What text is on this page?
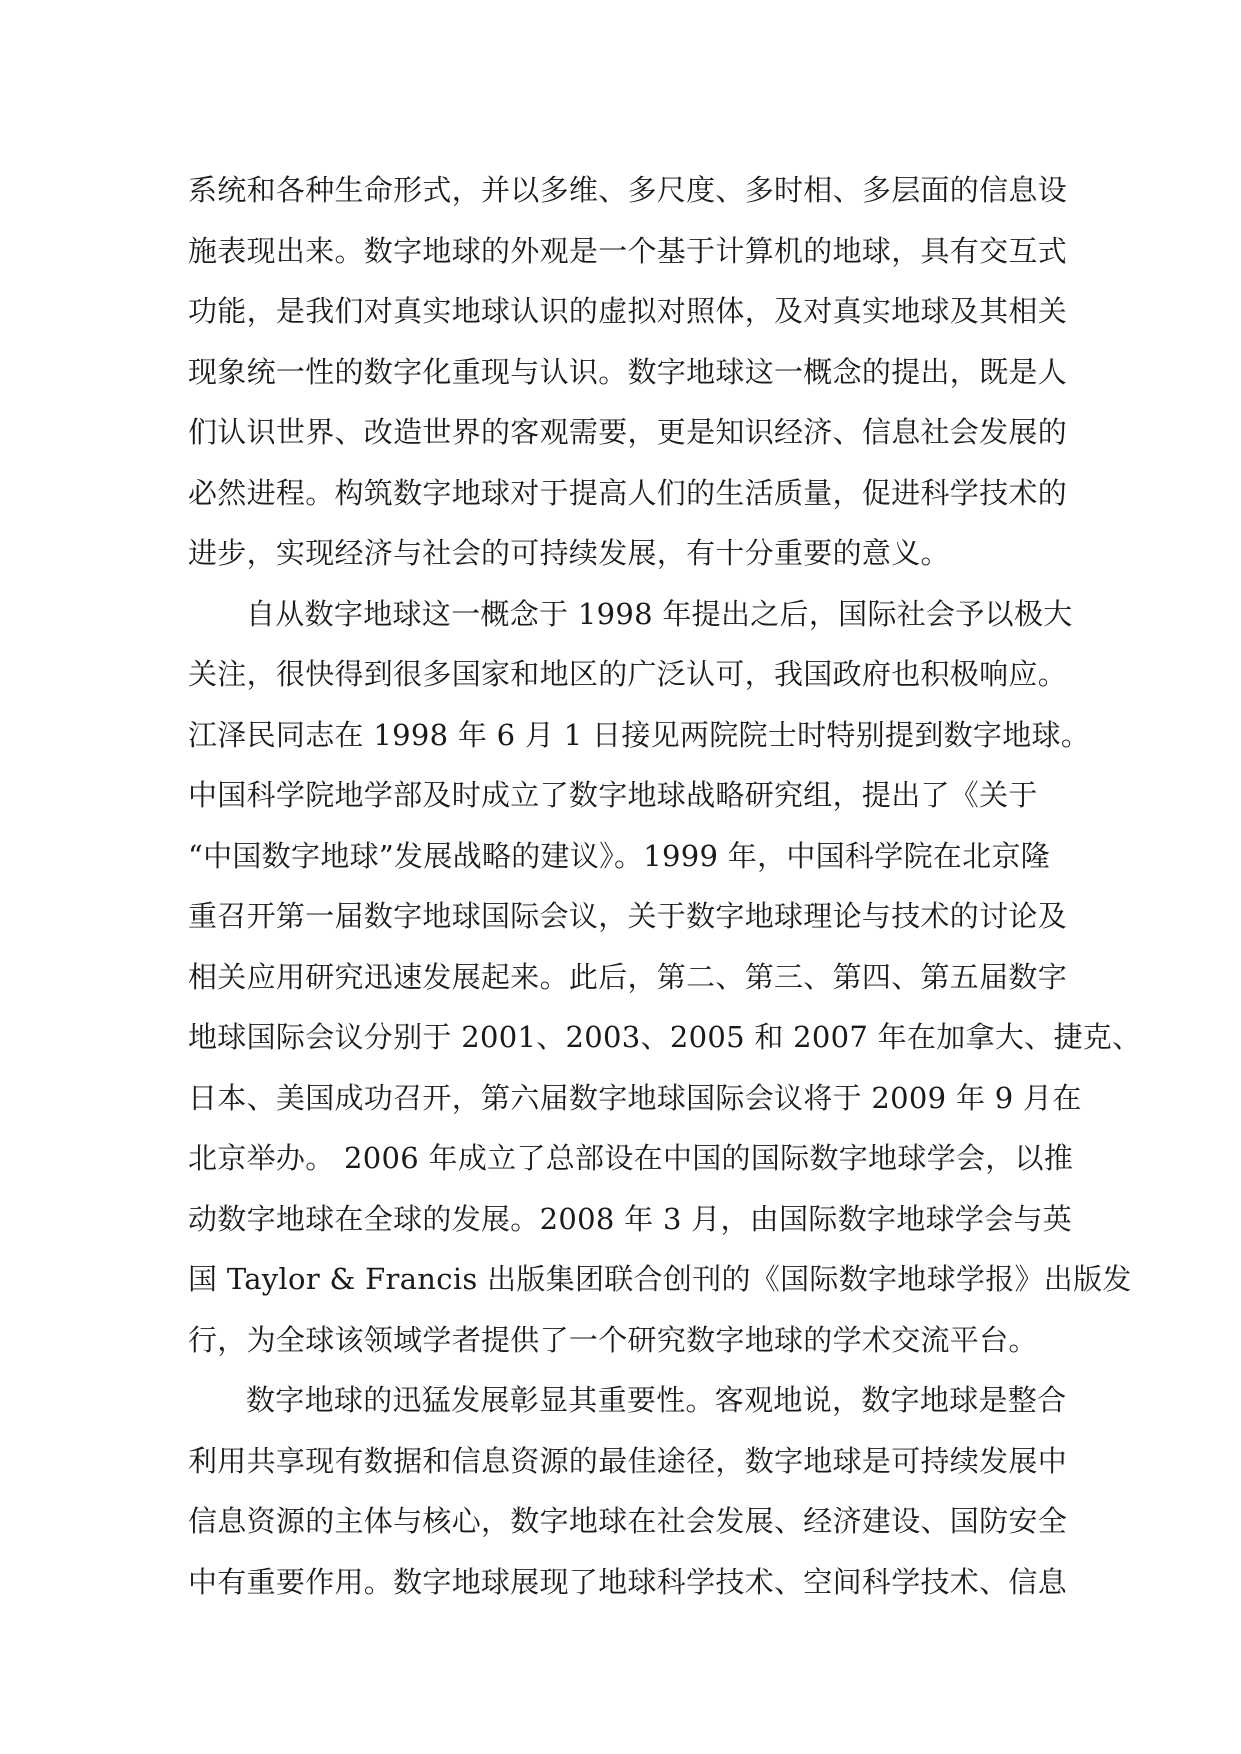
系统和各种生命形式，并以多维、多尺度、多时相、多层面的信息设
施表现出来。数字地球的外观是一个基于计算机的地球，具有交互式
功能，是我们对真实地球认识的虚拟对照体，及对真实地球及其相关
现象统一性的数字化重现与认识。数字地球这一概念的提出，既是人
们认识世界、改造世界的客观需要，更是知识经济、信息社会发展的
必然进程。构筑数字地球对于提高人们的生活质量，促进科学技术的
进步，实现经济与社会的可持续发展，有十分重要的意义。
自从数字地球这一概念于 1998 年提出之后，国际社会予以极大
关注，很快得到很多国家和地区的广泛认可，我国政府也积极响应。
江泽民同志在 1998 年 6 月 1 日接见两院院士时特别提到数字地球。
中国科学院地学部及时成立了数字地球战略研究组，提出了《关于
“中国数字地球”发展战略的建议》。1999 年，中国科学院在北京隆
重召开第一届数字地球国际会议，关于数字地球理论与技术的讨论及
相关应用研究迅速发展起来。此后，第二、第三、第四、第五届数字
地球国际会议分别于 2001、2003、2005 和 2007 年在加拿大、捷克、
日本、美国成功召开，第六届数字地球国际会议将于 2009 年 9 月在
北京举办。 2006 年成立了总部设在中国的国际数字地球学会，以推
动数字地球在全球的发展。2008 年 3 月，由国际数字地球学会与英
国 Taylor & Francis 出版集团联合创刊的《国际数字地球学报》出版发
行，为全球该领域学者提供了一个研究数字地球的学术交流平台。
数字地球的迅猛发展彰显其重要性。客观地说，数字地球是整合
利用共享现有数据和信息资源的最佳途径，数字地球是可持续发展中
信息资源的主体与核心，数字地球在社会发展、经济建设、国防安全
中有重要作用。数字地球展现了地球科学技术、空间科学技术、信息
